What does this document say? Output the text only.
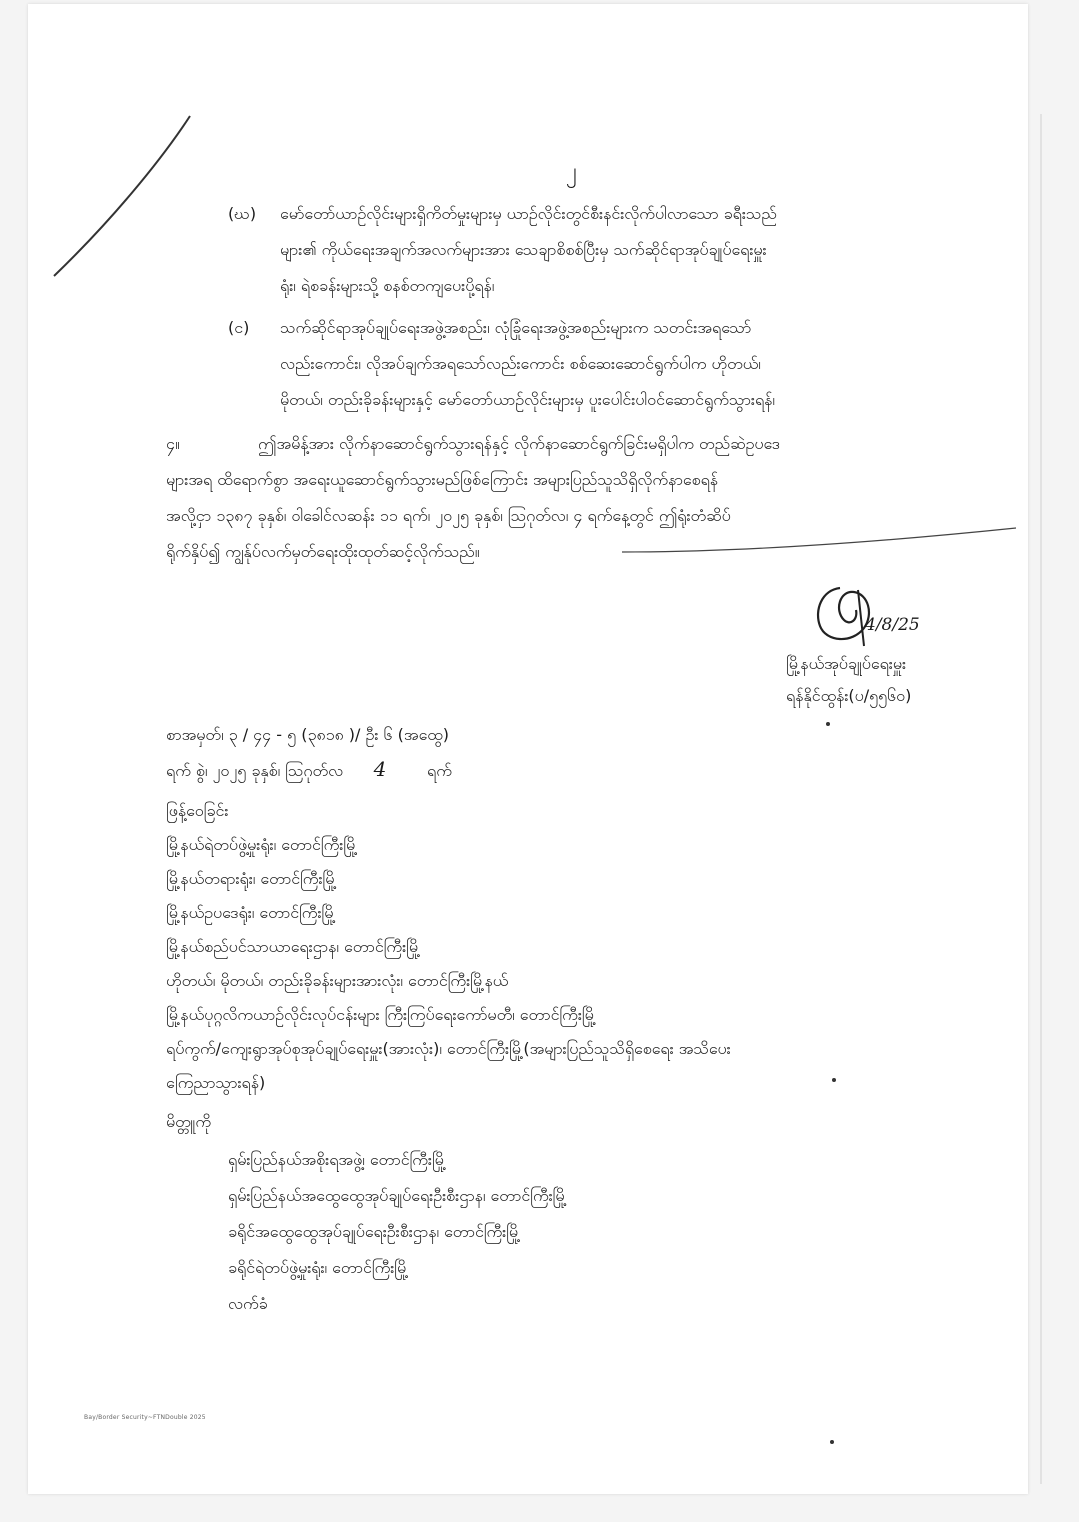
၂
(ဃ) မော်တော်ယာဉ်လိုင်းများရှိကိတ်မှုးများမှ ယာဉ်လိုင်းတွင်စီးနင်းလိုက်ပါလာသော ခရီးသည်
များ၏ ကိုယ်ရေးအချက်အလက်များအား သေချာစိစစ်ပြီးမှ သက်ဆိုင်ရာအုပ်ချုပ်ရေးမှူး
ရုံး၊ ရဲစခန်းများသို့ စနစ်တကျပေးပို့ရန်၊
(င) သက်ဆိုင်ရာအုပ်ချုပ်ရေးအဖွဲ့အစည်း၊ လုံခြုံရေးအဖွဲ့အစည်းများက သတင်းအရသော်
လည်းကောင်း၊ လိုအပ်ချက်အရသော်လည်းကောင်း စစ်ဆေးဆောင်ရွက်ပါက ဟိုတယ်၊
မိုတယ်၊ တည်းခိုခန်းများနှင့် မော်တော်ယာဉ်လိုင်းများမှ ပူးပေါင်းပါဝင်ဆောင်ရွက်သွားရန်၊
၄။	ဤအမိန့်အား လိုက်နာဆောင်ရွက်သွားရန်နှင့် လိုက်နာဆောင်ရွက်ခြင်းမရှိပါက တည်ဆဲဥပဒေ
များအရ ထိရောက်စွာ အရေးယူဆောင်ရွက်သွားမည်ဖြစ်ကြောင်း အများပြည်သူသိရှိလိုက်နာစေရန်
အလို့ငှာ ၁၃၈၇ ခုနှစ်၊ ဝါခေါင်လဆန်း ၁၁ ရက်၊ ၂၀၂၅ ခုနှစ်၊ ဩဂုတ်လ၊ ၄ ရက်နေ့တွင် ဤရုံးတံဆိပ်
ရိုက်နှိပ်၍ ကျွန်ုပ်လက်မှတ်ရေးထိုးထုတ်ဆင့်လိုက်သည်။
4/8/25
မြို့နယ်အုပ်ချုပ်ရေးမှူး
ရန်နိုင်ထွန်း(ပ/၅၅၆၀)
စာအမှတ်၊ ၃ / ၄၄ - ၅ (၃၈၁၈ )/ ဦး ၆ (အထွေ)
ရက် စွဲ၊ ၂၀၂၅ ခုနှစ်၊ ဩဂုတ်လ 4	ရက်
ဖြန့်ဝေခြင်း
မြို့နယ်ရဲတပ်ဖွဲ့မှုးရုံး၊ တောင်ကြီးမြို့
မြို့နယ်တရားရုံး၊ တောင်ကြီးမြို့
မြို့နယ်ဥပဒေရုံး၊ တောင်ကြီးမြို့
မြို့နယ်စည်ပင်သာယာရေးဌာန၊ တောင်ကြီးမြို့
ဟိုတယ်၊ မိုတယ်၊ တည်းခိုခန်းများအားလုံး၊ တောင်ကြီးမြို့နယ်
မြို့နယ်ပုဂ္ဂလိကယာဉ်လိုင်းလုပ်ငန်းများ ကြီးကြပ်ရေးကော်မတီ၊ တောင်ကြီးမြို့
ရပ်ကွက်/ကျေးရွာအုပ်စုအုပ်ချုပ်ရေးမှူး(အားလုံး)၊ တောင်ကြီးမြို့(အများပြည်သူသိရှိစေရေး အသိပေး
ကြေညာသွားရန်)
မိတ္တူကို
ရှမ်းပြည်နယ်အစိုးရအဖွဲ့၊ တောင်ကြီးမြို့
ရှမ်းပြည်နယ်အထွေထွေအုပ်ချုပ်ရေးဦးစီးဌာန၊ တောင်ကြီးမြို့
ခရိုင်အထွေထွေအုပ်ချုပ်ရေးဦးစီးဌာန၊ တောင်ကြီးမြို့
ခရိုင်ရဲတပ်ဖွဲ့မှုးရုံး၊ တောင်ကြီးမြို့
လက်ခံ
Bay/Border Security~FTNDouble 2025
